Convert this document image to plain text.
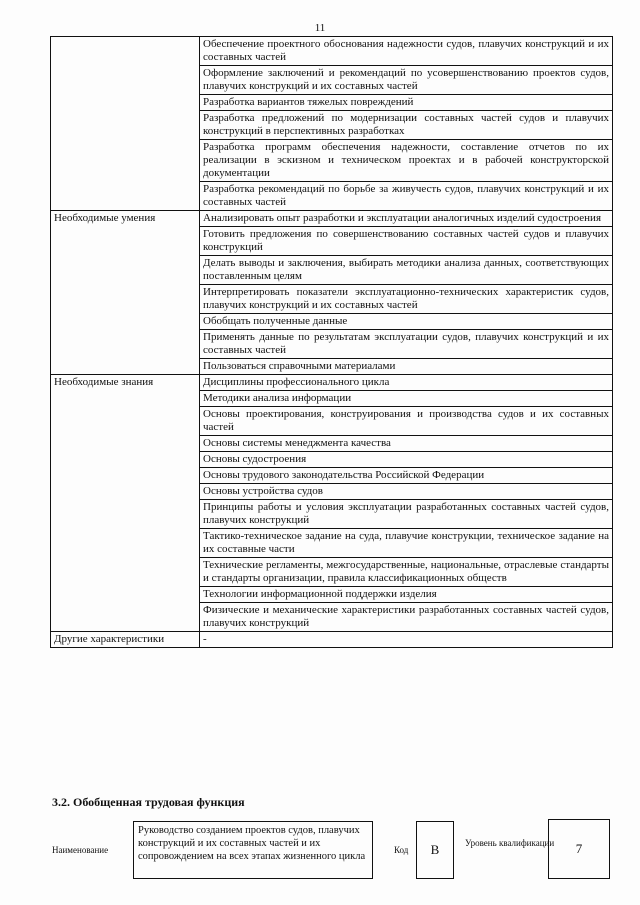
11
	Обеспечение проектного обоснования надежности судов, плавучих конструкций и их составных частей
	Оформление заключений и рекомендаций по усовершенствованию проектов судов, плавучих конструкций и их составных частей
	Разработка вариантов тяжелых повреждений
	Разработка предложений по модернизации составных частей судов и плавучих конструкций в перспективных разработках
	Разработка программ обеспечения надежности, составление отчетов по их реализации в эскизном и техническом проектах и в рабочей конструкторской документации
	Разработка рекомендаций по борьбе за живучесть судов, плавучих конструкций и их составных частей
Необходимые умения	Анализировать опыт разработки и эксплуатации аналогичных изделий судостроения
	Готовить предложения по совершенствованию составных частей судов и плавучих конструкций
	Делать выводы и заключения, выбирать методики анализа данных, соответствующих поставленным целям
	Интерпретировать показатели эксплуатационно-технических характеристик судов, плавучих конструкций и их составных частей
	Обобщать полученные данные
	Применять данные по результатам эксплуатации судов, плавучих конструкций и их составных частей
	Пользоваться справочными материалами
Необходимые знания	Дисциплины профессионального цикла
	Методики анализа информации
	Основы проектирования, конструирования и производства судов и их составных частей
	Основы системы менеджмента качества
	Основы судостроения
	Основы трудового законодательства Российской Федерации
	Основы устройства судов
	Принципы работы и условия эксплуатации разработанных составных частей судов, плавучих конструкций
	Тактико-техническое задание на суда, плавучие конструкции, техническое задание на их составные части
	Технические регламенты, межгосударственные, национальные, отраслевые стандарты и стандарты организации, правила классификационных обществ
	Технологии информационной поддержки изделия
	Физические и механические характеристики разработанных составных частей судов, плавучих конструкций
Другие характеристики	-
3.2. Обобщенная трудовая функция
Наименование
Руководство созданием проектов судов, плавучих конструкций и их составных частей и их сопровождением на всех этапах жизненного цикла
Код	B	Уровень квалификации	7
